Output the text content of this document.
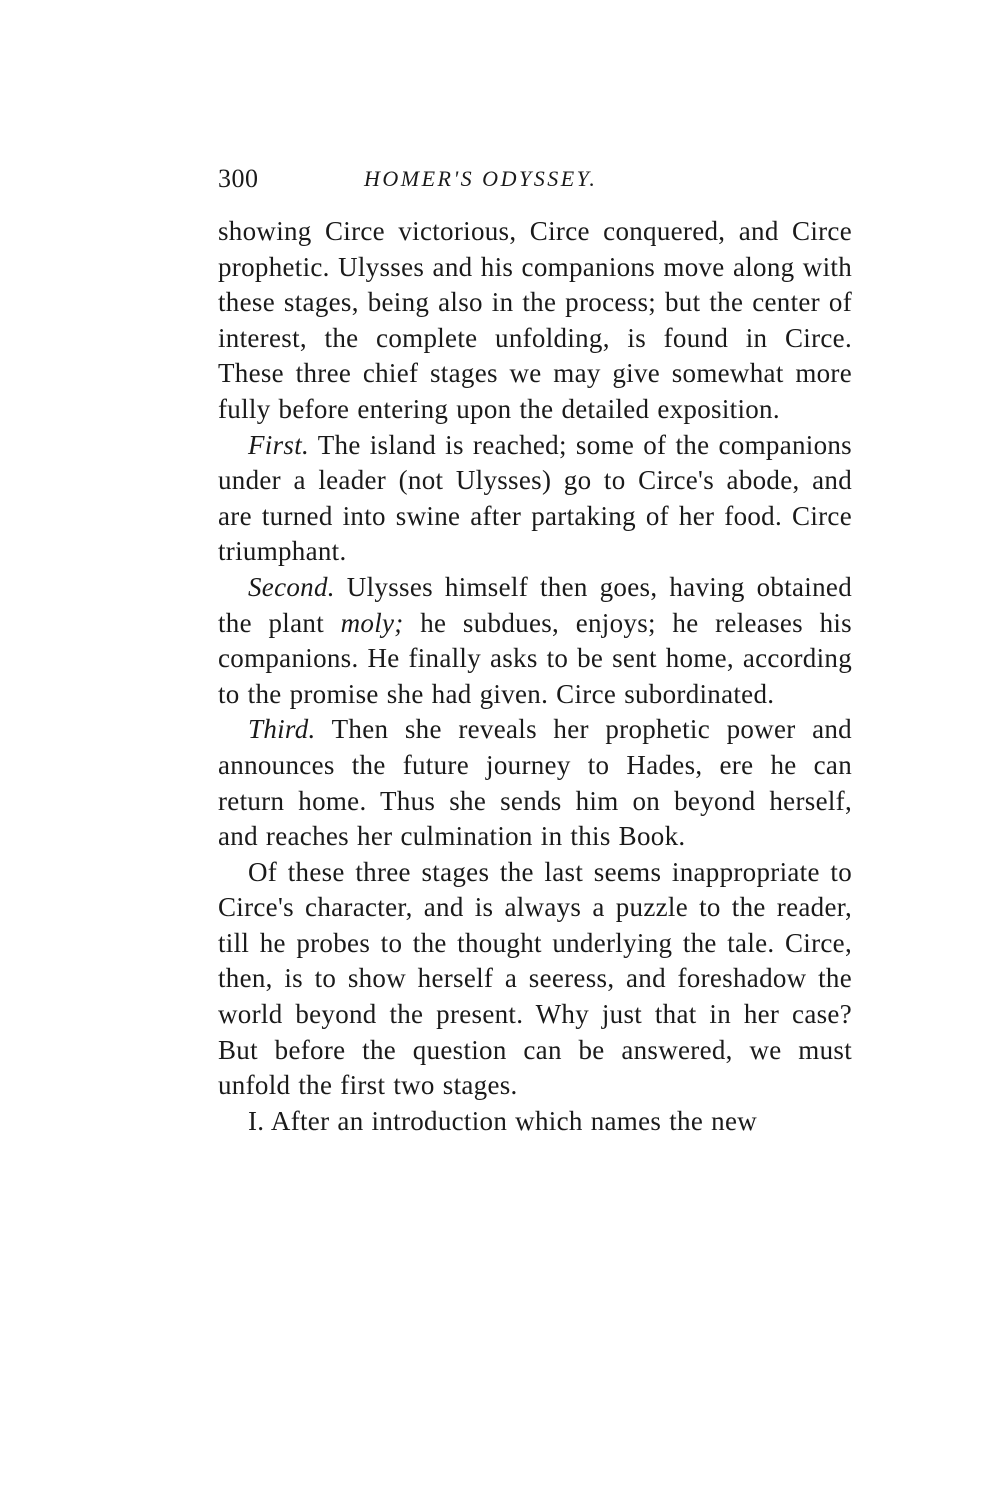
300	HOMER'S ODYSSEY.

showing Circe victorious, Circe conquered, and Circe prophetic. Ulysses and his companions move along with these stages, being also in the process; but the center of interest, the complete unfolding, is found in Circe. These three chief stages we may give somewhat more fully before entering upon the detailed exposition.

First. The island is reached; some of the companions under a leader (not Ulysses) go to Circe's abode, and are turned into swine after partaking of her food. Circe triumphant.

Second. Ulysses himself then goes, having obtained the plant moly; he subdues, enjoys; he releases his companions. He finally asks to be sent home, according to the promise she had given. Circe subordinated.

Third. Then she reveals her prophetic power and announces the future journey to Hades, ere he can return home. Thus she sends him on beyond herself, and reaches her culmination in this Book.

Of these three stages the last seems inappropriate to Circe's character, and is always a puzzle to the reader, till he probes to the thought underlying the tale. Circe, then, is to show herself a seeress, and foreshadow the world beyond the present. Why just that in her case? But before the question can be answered, we must unfold the first two stages.

I. After an introduction which names the new
